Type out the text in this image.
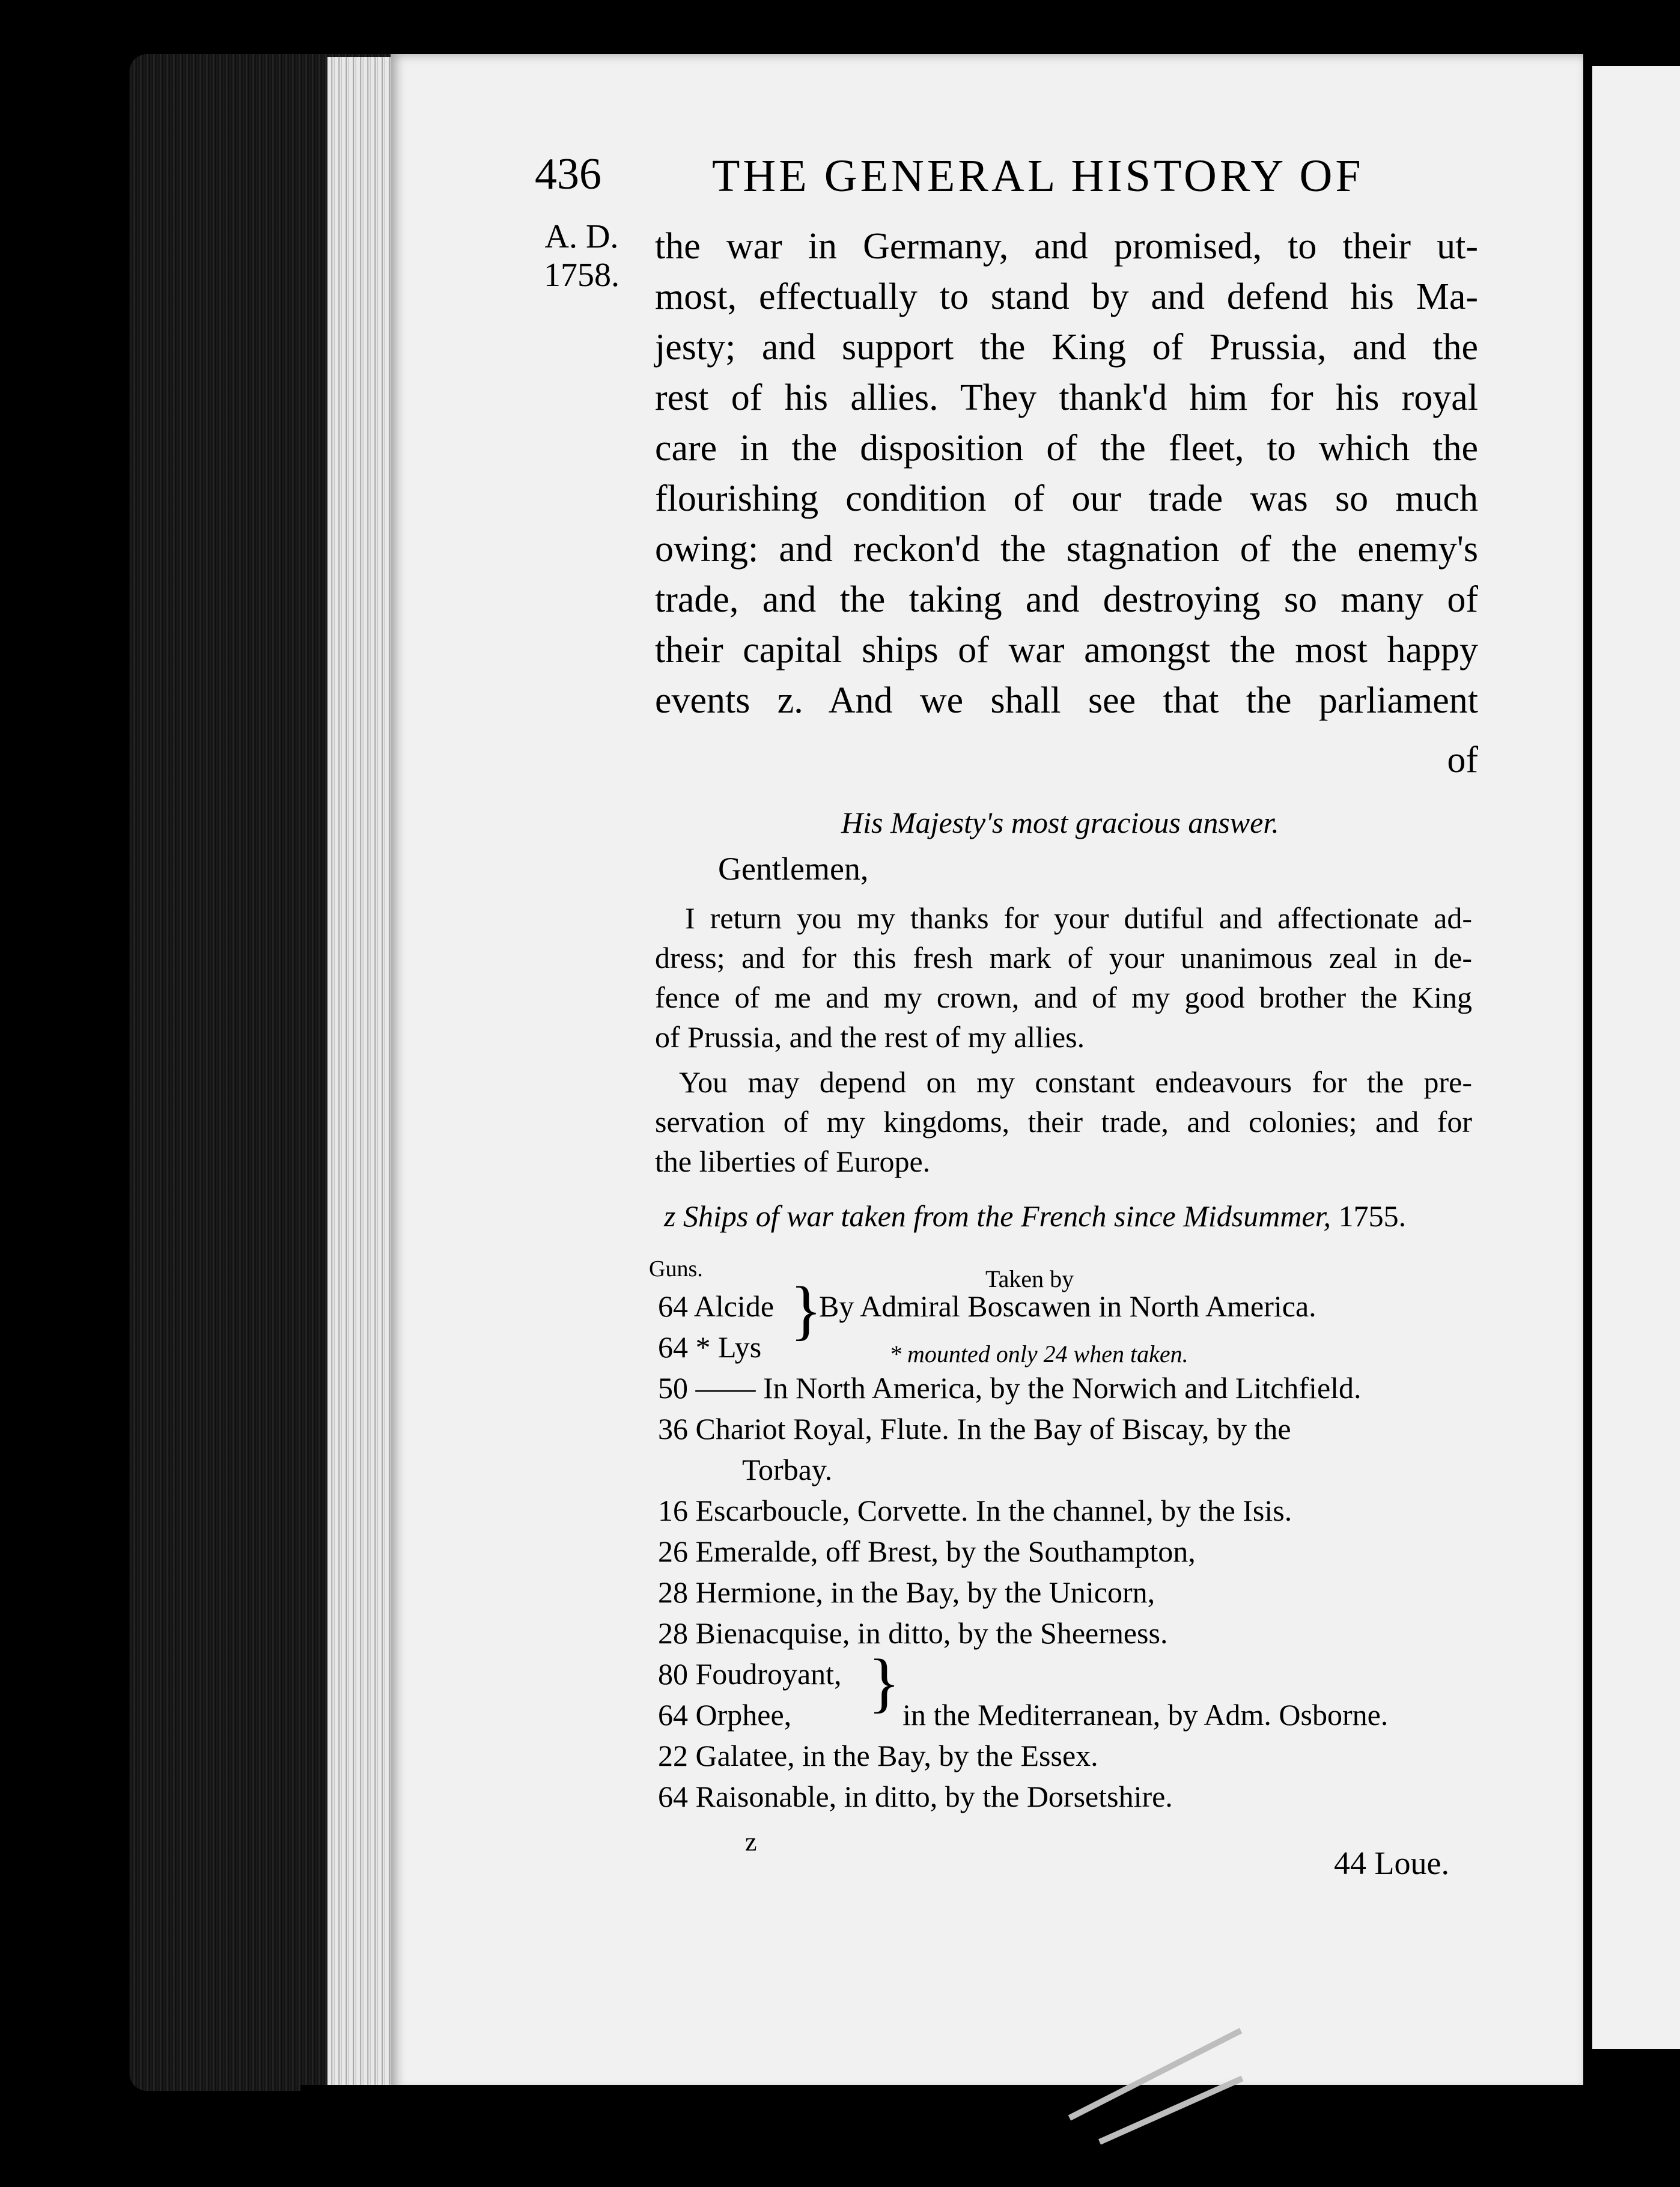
436 THE GENERAL HISTORY OF
A. D.
1758.
the war in Germany, and promised, to their ut-
most, effectually to stand by and defend his Ma-
jesty; and support the King of Prussia, and the
rest of his allies. They thank'd him for his royal
care in the disposition of the fleet, to which the
flourishing condition of our trade was so much
owing: and reckon'd the stagnation of the enemy's
trade, and the taking and destroying so many of
their capital ships of war amongst the most happy
events z. And we shall see that the parliament
of
His Majesty's most gracious answer.
Gentlemen,
I return you my thanks for your dutiful and affectionate ad-
dress; and for this fresh mark of your unanimous zeal in de-
fence of me and my crown, and of my good brother the King
of Prussia, and the rest of my allies.
You may depend on my constant endeavours for the pre-
servation of my kingdoms, their trade, and colonies; and for
the liberties of Europe.
z Ships of war taken from the French since Midsummer, 1755.
Guns.	Taken by
64 Alcide By Admiral Boscawen in North America.
64 * Lys
50 —— In North America, by the Norwich and Litchfield.
36 Chariot Royal, Flute. In the Bay of Biscay, by the
Torbay.
16 Escarboucle, Corvette. In the channel, by the Isis.
26 Emeralde, off Brest, by the Southampton,
28 Hermione, in the Bay, by the Unicorn,
28 Bienacquise, in ditto, by the Sheerness.
80 Foudroyant,
64 Orphee,	in the Mediterranean, by Adm. Osborne.
22 Galatee, in the Bay, by the Essex.
64 Raisonable, in ditto, by the Dorsetshire.
}
}
* mounted only 24 when taken.
z
44 Loue.
